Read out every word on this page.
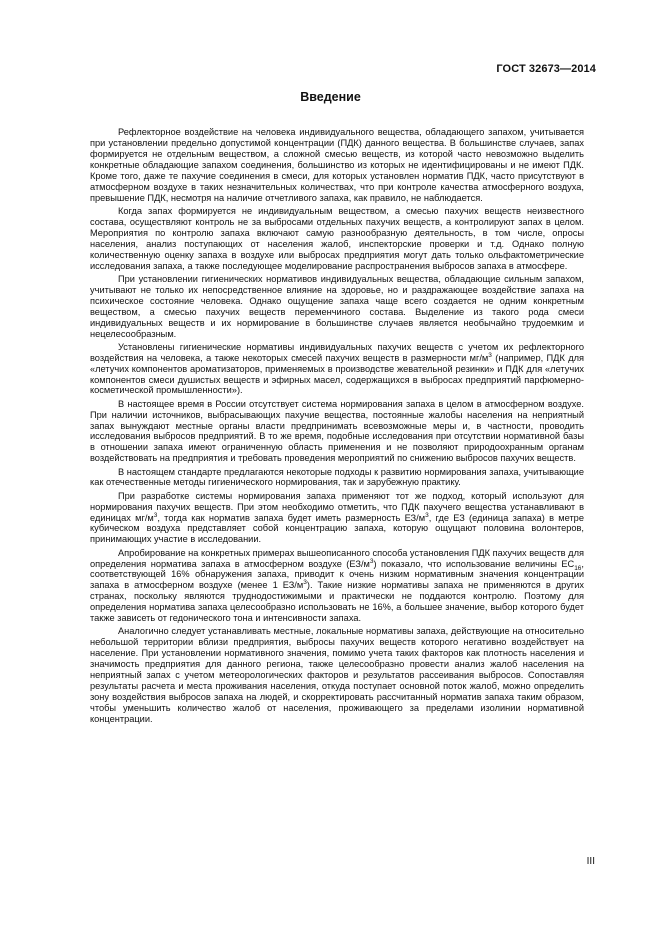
ГОСТ 32673—2014
Введение

Рефлекторное воздействие на человека индивидуального вещества, обладающего запахом, учитывается при установлении предельно допустимой концентрации (ПДК) данного вещества. В большинстве случаев, запах формируется не отдельным веществом, а сложной смесью веществ, из которой часто невозможно выделить конкретные обладающие запахом соединения, большинство из которых не идентифицированы и не имеют ПДК. Кроме того, даже те пахучие соединения в смеси, для которых установлен норматив ПДК, часто присутствуют в атмосферном воздухе в таких незначительных количествах, что при контроле качества атмосферного воздуха, превышение ПДК, несмотря на наличие отчетливого запаха, как правило, не наблюдается.

Когда запах формируется не индивидуальным веществом, а смесью пахучих веществ неизвестного состава, осуществляют контроль не за выбросами отдельных пахучих веществ, а контролируют запах в целом. Мероприятия по контролю запаха включают самую разнообразную деятельность, в том числе, опросы населения, анализ поступающих от населения жалоб, инспекторские проверки и т.д. Однако полную количественную оценку запаха в воздухе или выбросах предприятия могут дать только ольфактометрические исследования запаха, а также последующее моделирование распространения выбросов запаха в атмосфере.

При установлении гигиенических нормативов индивидуальных вещества, обладающие сильным запахом, учитывают не только их непосредственное влияние на здоровье, но и раздражающее воздействие запаха на психическое состояние человека. Однако ощущение запаха чаще всего создается не одним конкретным веществом, а смесью пахучих веществ переменчиного состава. Выделение из такого рода смеси индивидуальных веществ и их нормирование в большинстве случаев является необычайно трудоемким и нецелесообразным.

Установлены гигиенические нормативы индивидуальных пахучих веществ с учетом их рефлекторного воздействия на человека, а также некоторых смесей пахучих веществ в размерности $мг/м^3$ (например, ПДК для «летучих компонентов ароматизаторов, применяемых в производстве жевательной резинки» и ПДК для «летучих компонентов смеси душистых веществ и эфирных масел, содержащихся в выбросах предприятий парфюмерно-косметической промышленности»).

В настоящее время в России отсутствует система нормирования запаха в целом в атмосферном воздухе. При наличии источников, выбрасывающих пахучие вещества, постоянные жалобы населения на неприятный запах вынуждают местные органы власти предпринимать всевозможные меры и, в частности, проводить исследования выбросов предприятий. В то же время, подобные исследования при отсутствии нормативной базы в отношении запаха имеют ограниченную область применения и не позволяют природоохранным органам воздействовать на предприятия и требовать проведения мероприятий по снижению выбросов пахучих веществ.

В настоящем стандарте предлагаются некоторые подходы к развитию нормирования запаха, учитывающие как отечественные методы гигиенического нормирования, так и зарубежную практику.

При разработке системы нормирования запаха применяют тот же подход, который используют для нормирования пахучих веществ. При этом необходимо отметить, что ПДК пахучего вещества устанавливают в единицах $мг/м^3$, тогда как норматив запаха будет иметь размерность $ЕЗ/м^3$, где ЕЗ (единица запаха) в метре кубическом воздуха представляет собой концентрацию запаха, которую ощущают половина волонтеров, принимающих участие в исследовании.

Апробирование на конкретных примерах вышеописанного способа установления ПДК пахучих веществ для определения норматива запаха в атмосферном воздухе $(ЕЗ/м^3)$ показало, что использование величины $ЕС_{16}$, соответствующей 16% обнаружения запаха, приводит к очень низким нормативным значения концентрации запаха в атмосферном воздухе (менее 1 $ЕЗ/м^3$). Такие низкие нормативы запаха не применяются в других странах, поскольку являются труднодостижимыми и практически не поддаются контролю. Поэтому для определения норматива запаха целесообразно использовать не 16%, а большее значение, выбор которого будет также зависеть от гедонического тона и интенсивности запаха.

Аналогично следует устанавливать местные, локальные нормативы запаха, действующие на относительно небольшой территории вблизи предприятия, выбросы пахучих веществ которого негативно воздействует на население. При установлении нормативного значения, помимо учета таких факторов как плотность населения и значимость предприятия для данного региона, также целесообразно провести анализ жалоб населения на неприятный запах с учетом метеорологических факторов и результатов рассеивания выбросов. Сопоставляя результаты расчета и места проживания населения, откуда поступает основной поток жалоб, можно определить зону воздействия выбросов запаха на людей, и скорректировать рассчитанный норматив запаха таким образом, чтобы уменьшить количество жалоб от населения, проживающего за пределами изолинии нормативной концентрации.

III
